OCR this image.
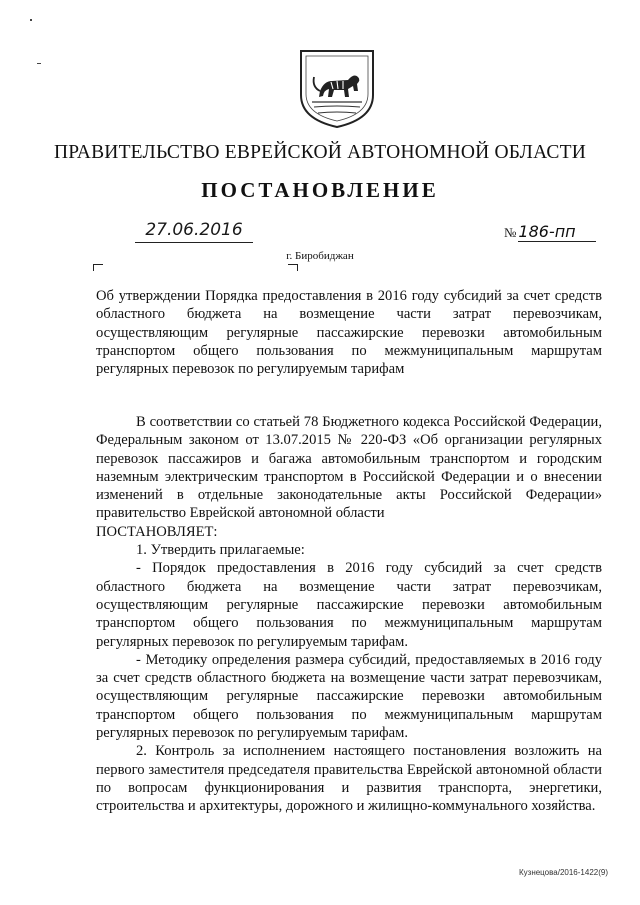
ПРАВИТЕЛЬСТВО ЕВРЕЙСКОЙ АВТОНОМНОЙ ОБЛАСТИ
ПОСТАНОВЛЕНИЕ
27.06.2016	№ 186-пп
г. Биробиджан

Об утверждении Порядка предоставления в 2016 году субсидий за счет средств областного бюджета на возмещение части затрат перевозчикам, осуществляющим регулярные пассажирские перевозки автомобильным транспортом общего пользования по межмуниципальным маршрутам регулярных перевозок по регулируемым тарифам

В соответствии со статьей 78 Бюджетного кодекса Российской Федерации, Федеральным законом от 13.07.2015 № 220-ФЗ «Об организации регулярных перевозок пассажиров и багажа автомобильным транспортом и городским наземным электрическим транспортом в Российской Федерации и о внесении изменений в отдельные законодательные акты Российской Федерации» правительство Еврейской автономной области

ПОСТАНОВЛЯЕТ:

1. Утвердить прилагаемые:

- Порядок предоставления в 2016 году субсидий за счет средств областного бюджета на возмещение части затрат перевозчикам, осуществляющим регулярные пассажирские перевозки автомобильным транспортом общего пользования по межмуниципальным маршрутам регулярных перевозок по регулируемым тарифам.

- Методику определения размера субсидий, предоставляемых в 2016 году за счет средств областного бюджета на возмещение части затрат перевозчикам, осуществляющим регулярные пассажирские перевозки автомобильным транспортом общего пользования по межмуниципальным маршрутам регулярных перевозок по регулируемым тарифам.

2. Контроль за исполнением настоящего постановления возложить на первого заместителя председателя правительства Еврейской автономной области по вопросам функционирования и развития транспорта, энергетики, строительства и архитектуры, дорожного и жилищно-коммунального хозяйства.

Кузнецова/2016-1422(9)
